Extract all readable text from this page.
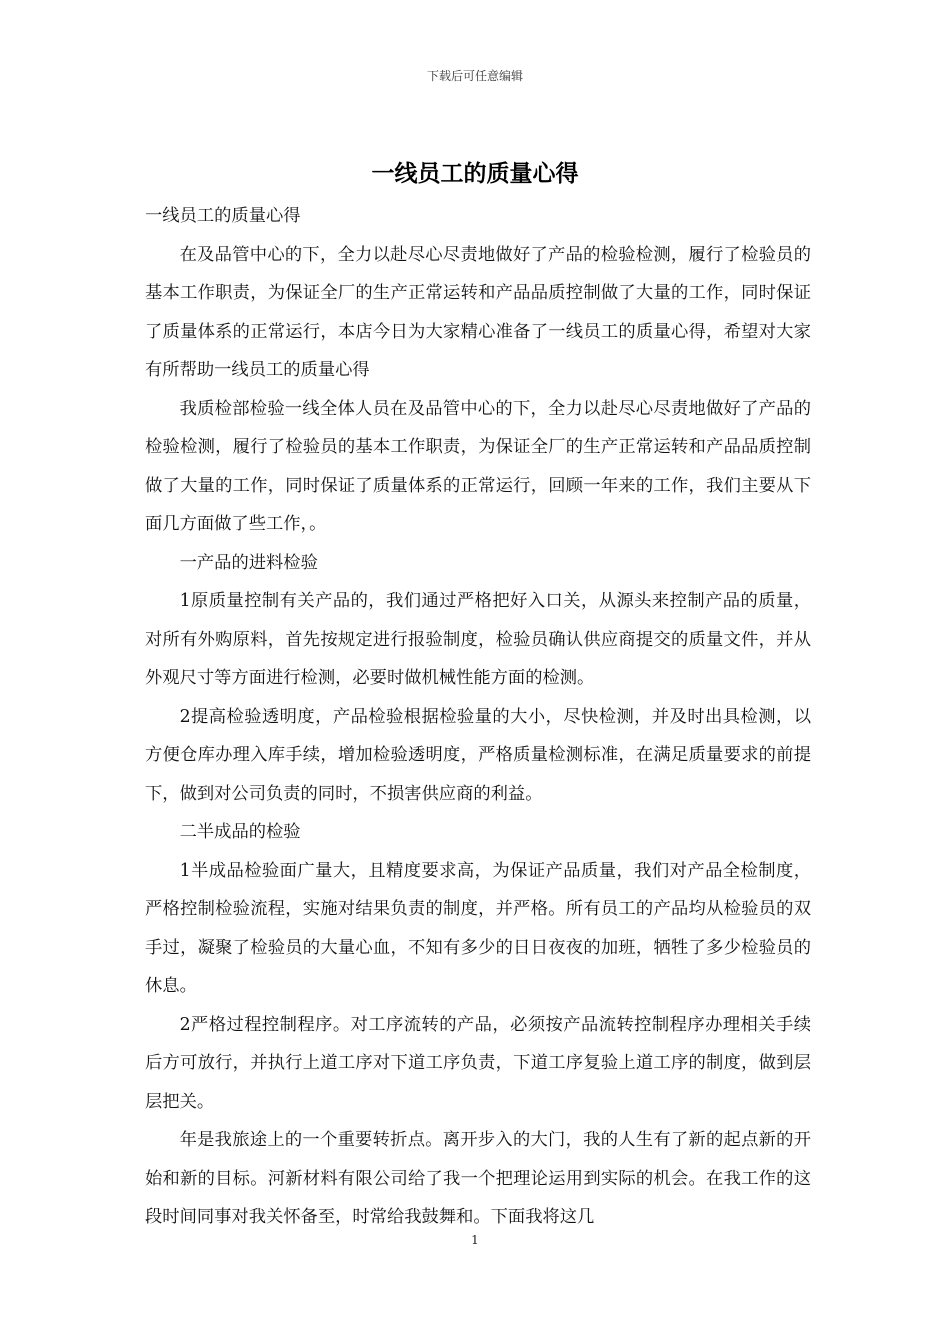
下载后可任意编辑
一线员工的质量心得

一线员工的质量心得

在及品管中心的下，全力以赴尽心尽责地做好了产品的检验检测，履行了检验员的基本工作职责，为保证全厂的生产正常运转和产品品质控制做了大量的工作，同时保证了质量体系的正常运行，本店今日为大家精心准备了一线员工的质量心得，希望对大家有所帮助一线员工的质量心得

我质检部检验一线全体人员在及品管中心的下，全力以赴尽心尽责地做好了产品的检验检测，履行了检验员的基本工作职责，为保证全厂的生产正常运转和产品品质控制做了大量的工作，同时保证了质量体系的正常运行，回顾一年来的工作，我们主要从下面几方面做了些工作，。

一产品的进料检验

1原质量控制有关产品的，我们通过严格把好入口关，从源头来控制产品的质量，对所有外购原料，首先按规定进行报验制度，检验员确认供应商提交的质量文件，并从外观尺寸等方面进行检测，必要时做机械性能方面的检测。

2提高检验透明度，产品检验根据检验量的大小，尽快检测，并及时出具检测，以方便仓库办理入库手续，增加检验透明度，严格质量检测标准，在满足质量要求的前提下，做到对公司负责的同时，不损害供应商的利益。

二半成品的检验

1半成品检验面广量大，且精度要求高，为保证产品质量，我们对产品全检制度，严格控制检验流程，实施对结果负责的制度，并严格。所有员工的产品均从检验员的双手过，凝聚了检验员的大量心血，不知有多少的日日夜夜的加班，牺牲了多少检验员的休息。

2严格过程控制程序。对工序流转的产品，必须按产品流转控制程序办理相关手续后方可放行，并执行上道工序对下道工序负责，下道工序复验上道工序的制度，做到层层把关。

年是我旅途上的一个重要转折点。离开步入的大门，我的人生有了新的起点新的开始和新的目标。河新材料有限公司给了我一个把理论运用到实际的机会。在我工作的这段时间同事对我关怀备至，时常给我鼓舞和。下面我将这几

1
